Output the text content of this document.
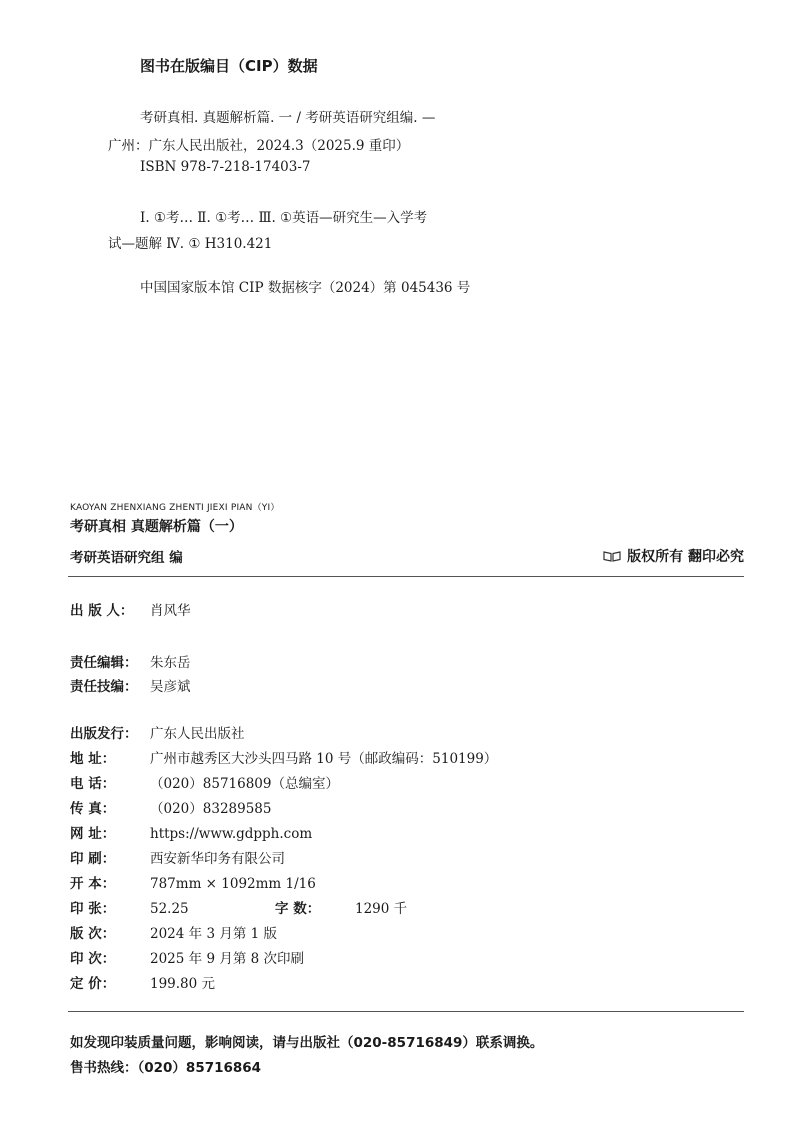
图书在版编目（CIP）数据
考研真相. 真题解析篇. 一 / 考研英语研究组编. —
广州：广东人民出版社，2024.3（2025.9 重印）
ISBN 978-7-218-17403-7
Ⅰ. ①考… Ⅱ. ①考… Ⅲ. ①英语—研究生—入学考
试—题解 Ⅳ. ① H310.421
中国国家版本馆 CIP 数据核字（2024）第 045436 号
KAOYAN ZHENXIANG ZHENTI JIEXI PIAN（YI）
考研真相 真题解析篇（一）
考研英语研究组 编	版权所有 翻印必究
出 版 人： 肖风华
责任编辑： 朱东岳
责任技编： 吴彦斌
出版发行： 广东人民出版社
地 址：	广州市越秀区大沙头四马路 10 号（邮政编码：510199）
电 话：	（020）85716809（总编室）
传 真：	（020）83289585
网 址：	https://www.gdpph.com
印 刷：	西安新华印务有限公司
开 本：	787mm × 1092mm 1/16
印 张：	52.25	字 数：	1290 千
版 次：	2024 年 3 月第 1 版
印 次：	2025 年 9 月第 8 次印刷
定 价：	199.80 元
如发现印装质量问题，影响阅读，请与出版社（020-85716849）联系调换。
售书热线：（020）85716864
